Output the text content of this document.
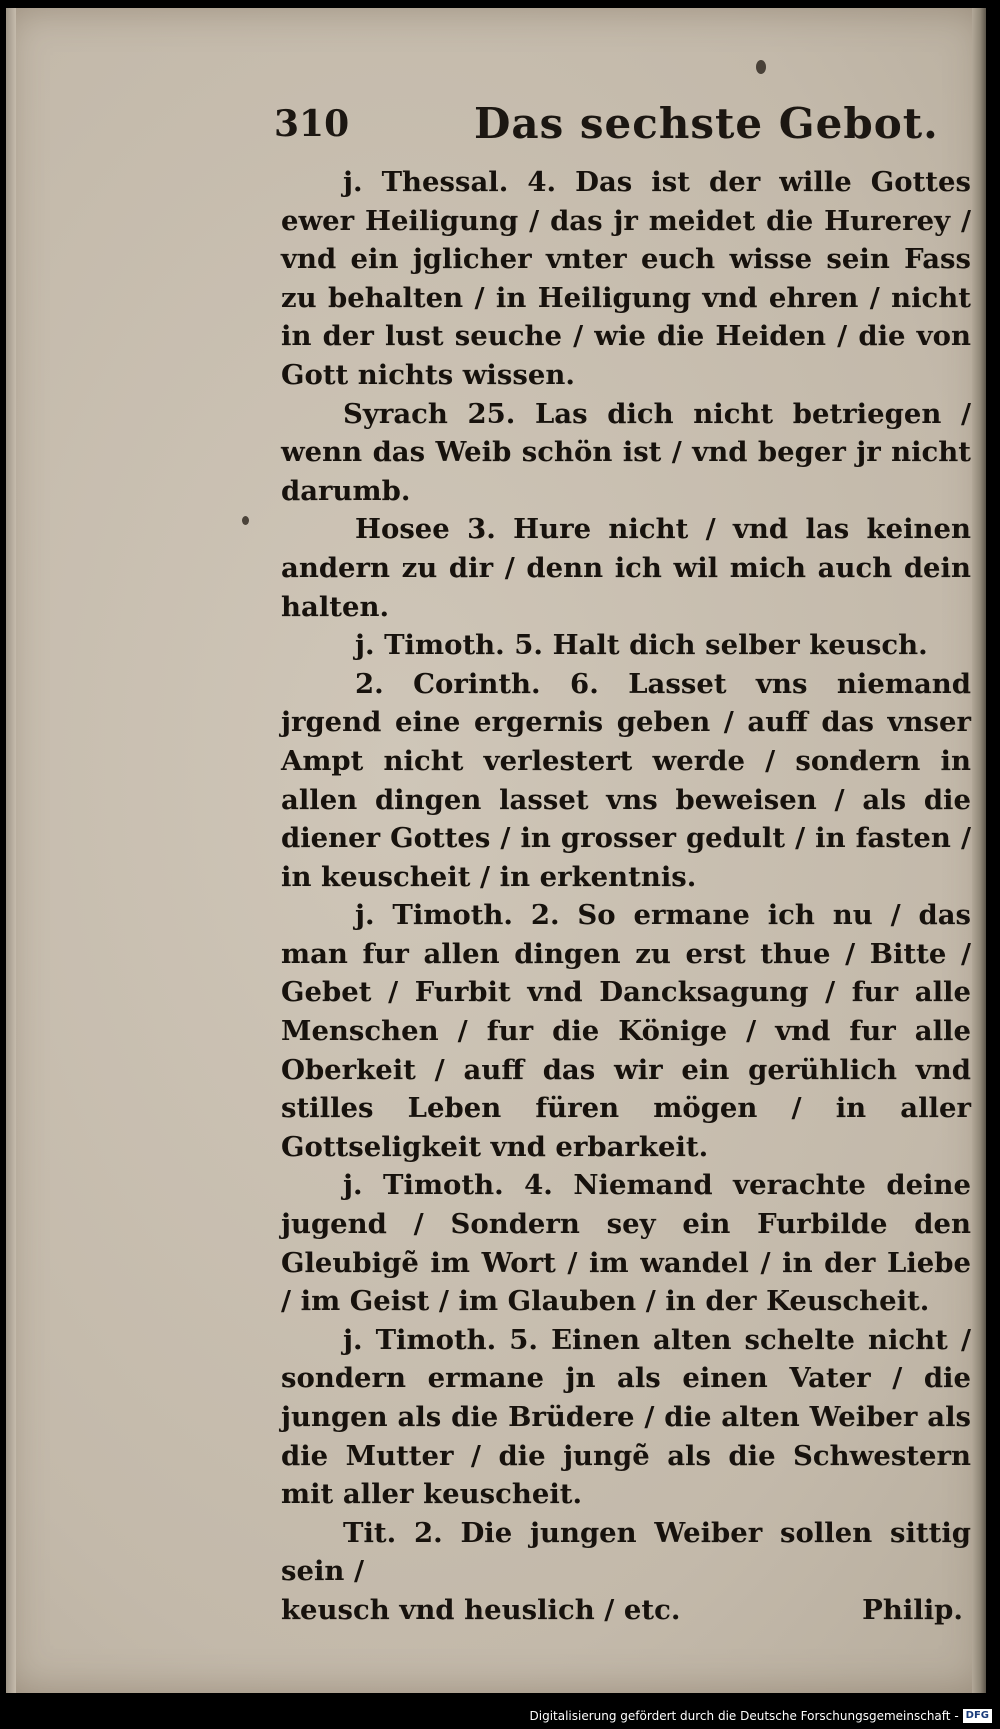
310	Das sechste Gebot.

j. Thessal. 4. Das ist der wille Gottes ewer Heiligung / das jr meidet die Hurerey / vnd ein jglicher vnter euch wisse sein Fass zu behalten / in Heiligung vnd ehren / nicht in der lust seuche / wie die Heiden / die von Gott nichts wissen.

Syrach 25. Las dich nicht betriegen / wenn das Weib schön ist / vnd beger jr nicht darumb.

Hosee 3. Hure nicht / vnd las keinen andern zu dir / denn ich wil mich auch dein halten.

j. Timoth. 5. Halt dich selber keusch.

2. Corinth. 6. Lasset vns niemand jrgend eine ergernis geben / auff das vnser Ampt nicht verlestert werde / sondern in allen dingen lasset vns beweisen / als die diener Gottes / in grosser gedult / in fasten / in keuscheit / in erkentnis.

j. Timoth. 2. So ermane ich nu / das man fur allen dingen zu erst thue / Bitte / Gebet / Furbit vnd Dancksagung / fur alle Menschen / fur die Könige / vnd fur alle Oberkeit / auff das wir ein gerühlich vnd stilles Leben füren mögen / in aller Gottseligkeit vnd erbarkeit.

j. Timoth. 4. Niemand verachte deine jugend / Sondern sey ein Furbilde den Gleubigẽ im Wort / im wandel / in der Liebe / im Geist / im Glauben / in der Keuscheit.

j. Timoth. 5. Einen alten schelte nicht / sondern ermane jn als einen Vater / die jungen als die Brüdere / die alten Weiber als die Mutter / die jungẽ als die Schwestern mit aller keuscheit.

Tit. 2. Die jungen Weiber sollen sittig sein /

keusch vnd heuslich / etc.	Philip.
Digitalisierung gefördert durch die Deutsche Forschungsgemeinschaft - DFG
